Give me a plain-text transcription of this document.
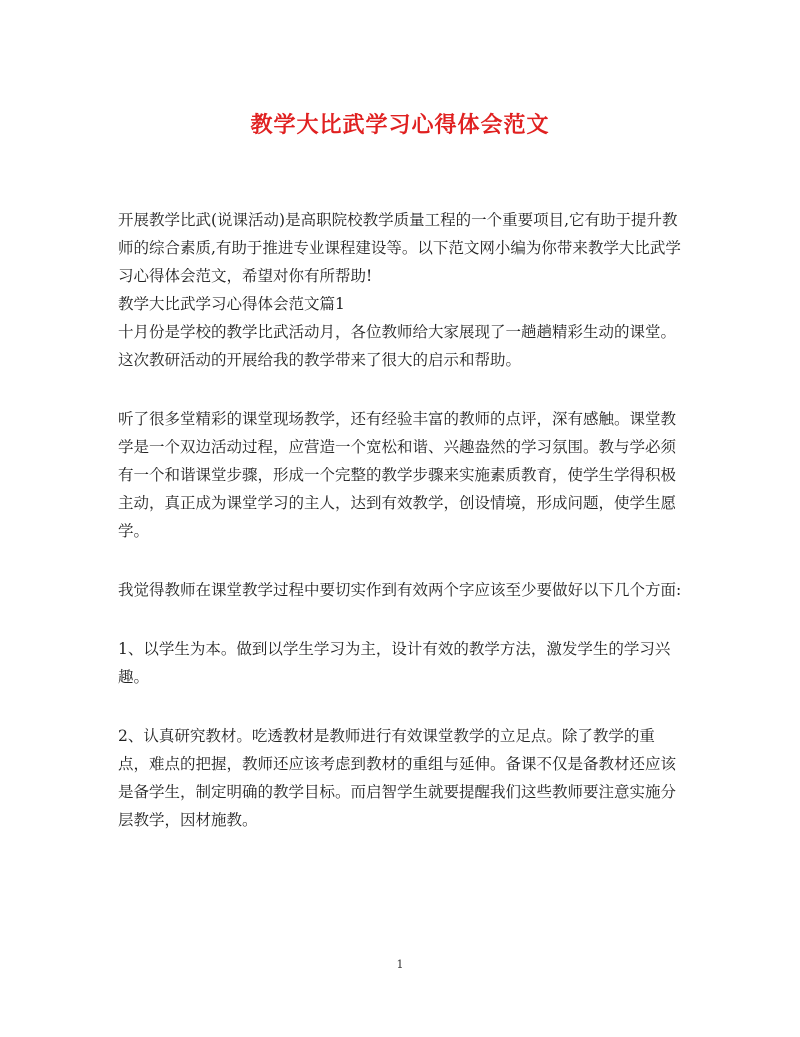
教学大比武学习心得体会范文

开展教学比武(说课活动)是高职院校教学质量工程的一个重要项目,它有助于提升教师的综合素质,有助于推进专业课程建设等。以下范文网小编为你带来教学大比武学习心得体会范文，希望对你有所帮助!

教学大比武学习心得体会范文篇1

十月份是学校的教学比武活动月，各位教师给大家展现了一趟趟精彩生动的课堂。这次教研活动的开展给我的教学带来了很大的启示和帮助。

听了很多堂精彩的课堂现场教学，还有经验丰富的教师的点评，深有感触。课堂教学是一个双边活动过程，应营造一个宽松和谐、兴趣盎然的学习氛围。教与学必须有一个和谐课堂步骤，形成一个完整的教学步骤来实施素质教育，使学生学得积极主动，真正成为课堂学习的主人，达到有效教学，创设情境，形成问题，使学生愿学。

我觉得教师在课堂教学过程中要切实作到有效两个字应该至少要做好以下几个方面:

1、以学生为本。做到以学生学习为主，设计有效的教学方法，激发学生的学习兴趣。

2、认真研究教材。吃透教材是教师进行有效课堂教学的立足点。除了教学的重点，难点的把握，教师还应该考虑到教材的重组与延伸。备课不仅是备教材还应该是备学生，制定明确的教学目标。而启智学生就要提醒我们这些教师要注意实施分层教学，因材施教。

1
